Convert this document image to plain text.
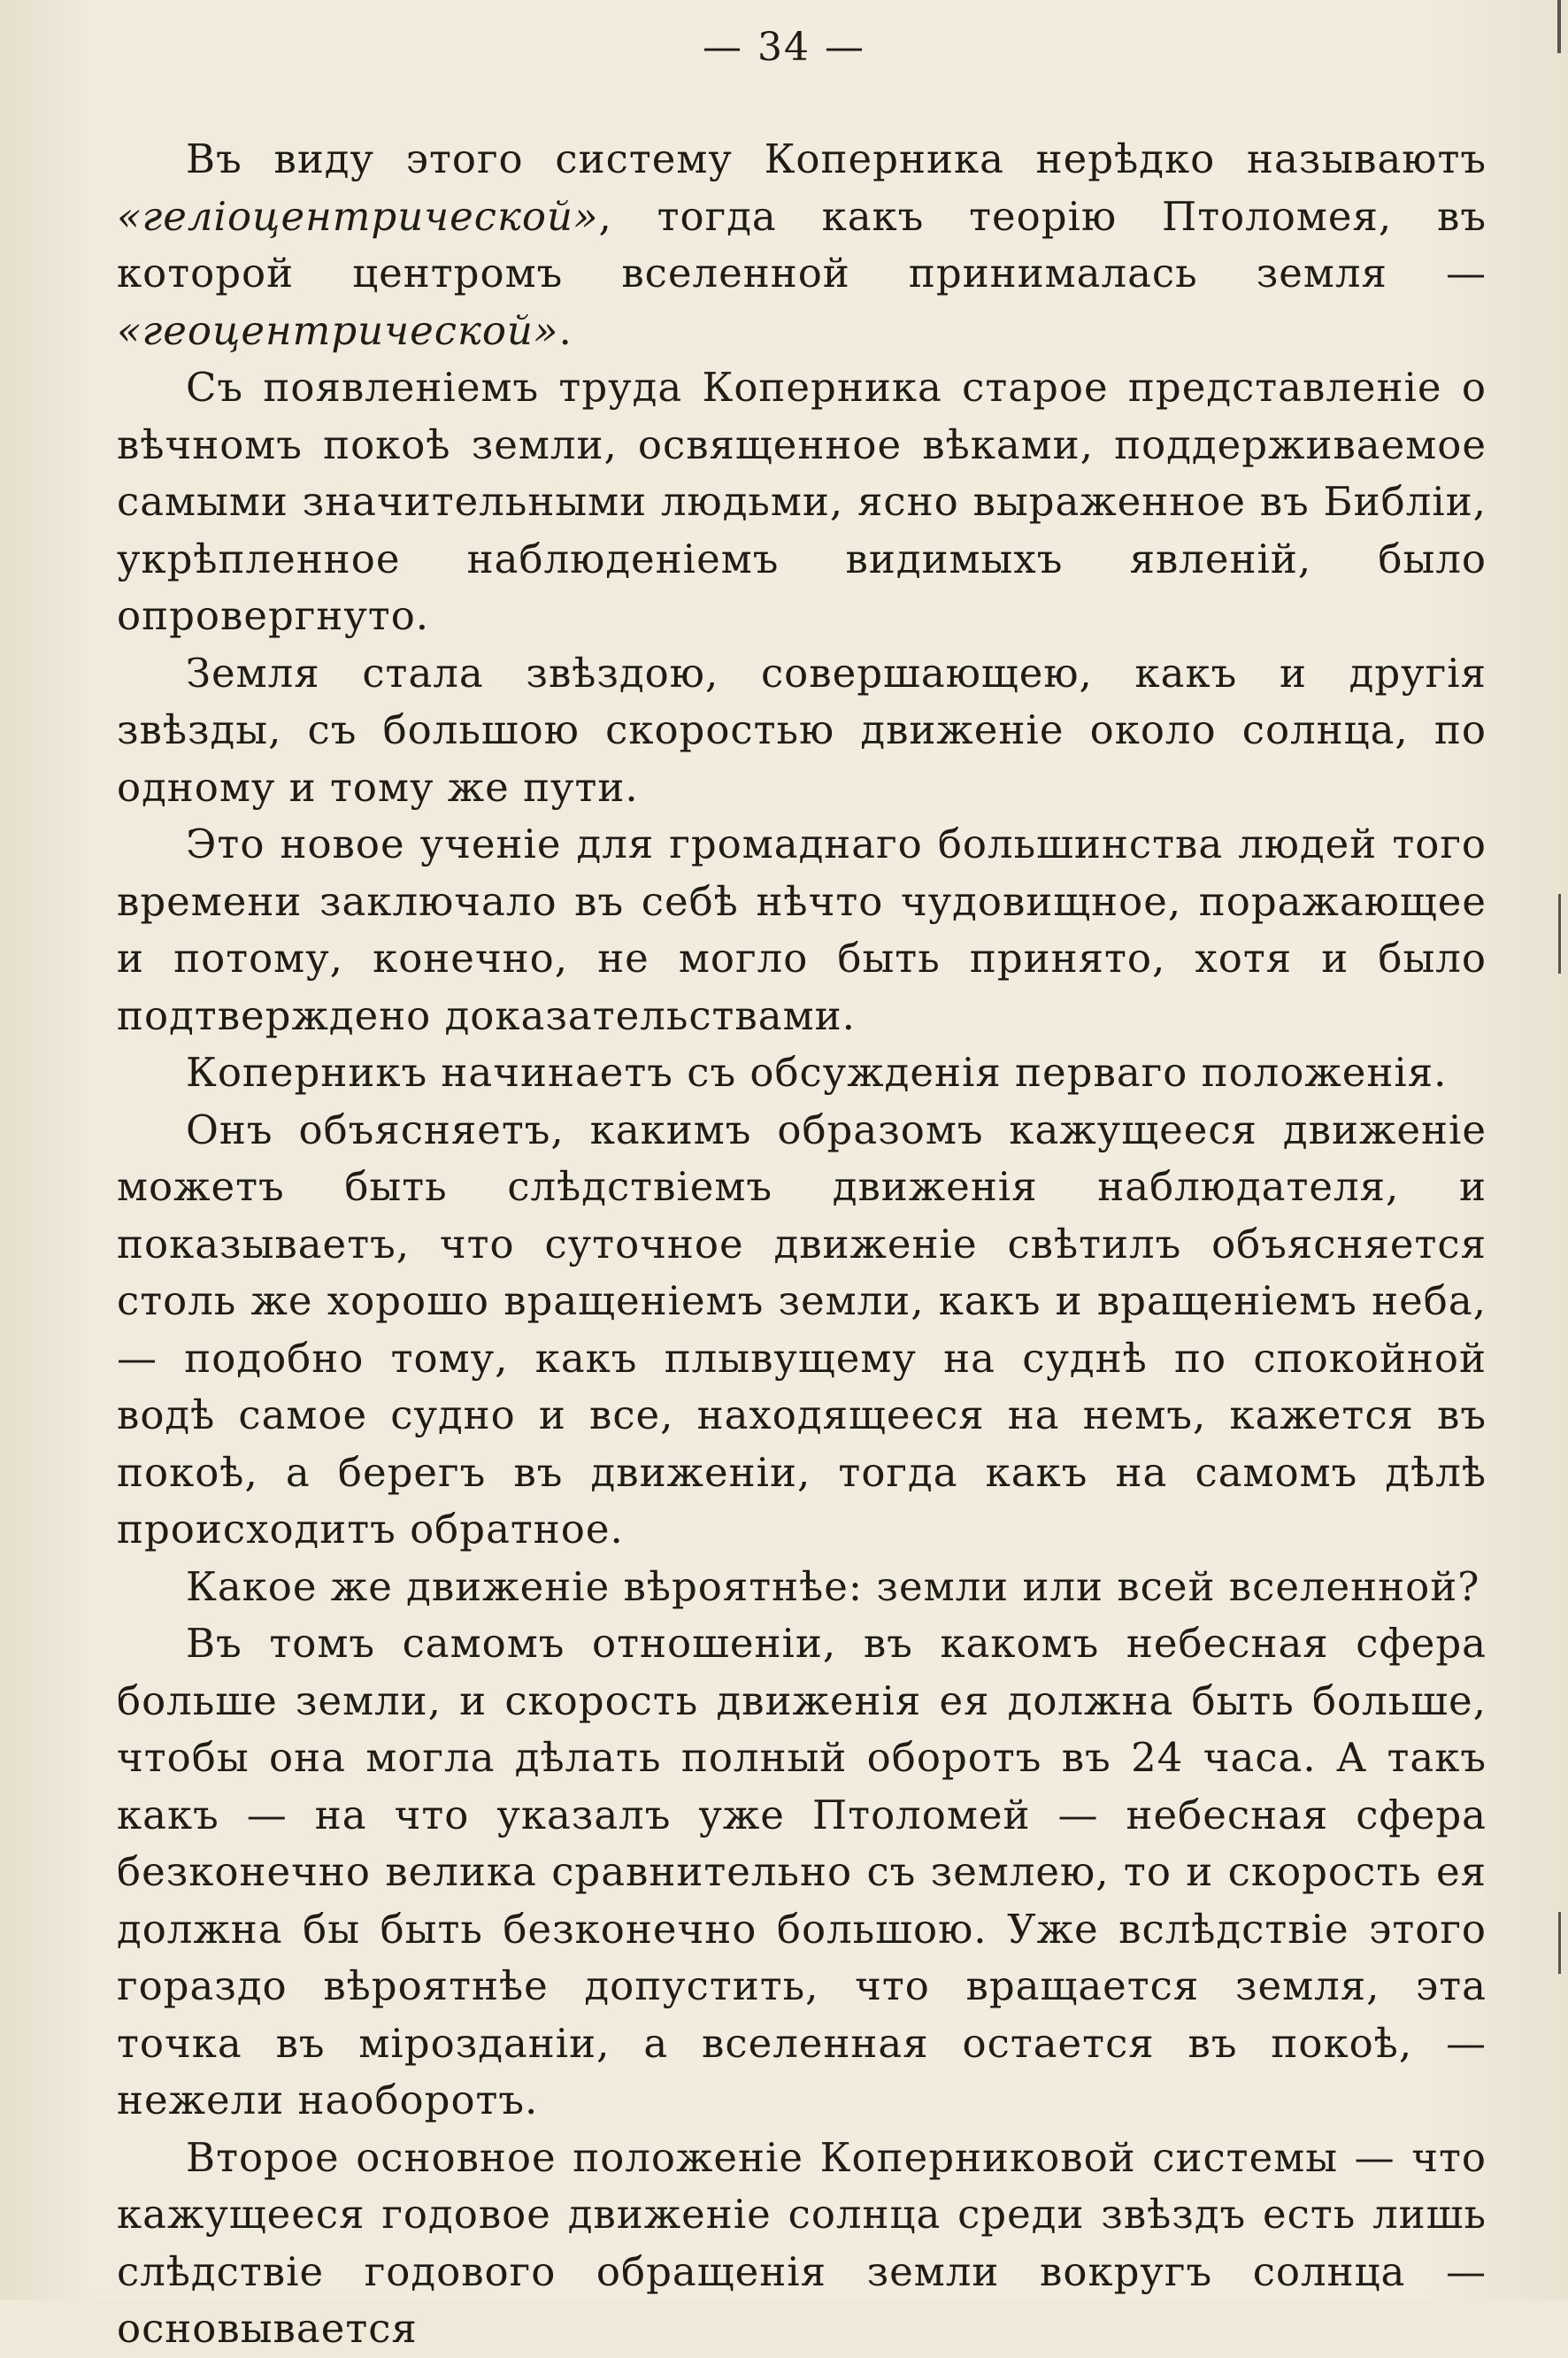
— 34 —

Въ виду этого систему Коперника нерѣдко называютъ «геліоцентрической», тогда какъ теорію Птоломея, въ которой центромъ вселенной принималась земля — «геоцентрической».

Съ появленіемъ труда Коперника старое представленіе о вѣчномъ покоѣ земли, освященное вѣками, поддерживаемое самыми значительными людьми, ясно выраженное въ Библіи, укрѣпленное наблюденіемъ видимыхъ явленій, было опровергнуто.

Земля стала звѣздою, совершающею, какъ и другія звѣзды, съ большою скоростью движеніе около солнца, по одному и тому же пути.

Это новое ученіе для громаднаго большинства людей того времени заключало въ себѣ нѣчто чудовищное, поражающее и потому, конечно, не могло быть принято, хотя и было подтверждено доказательствами.

Коперникъ начинаетъ съ обсужденія перваго положенія.

Онъ объясняетъ, какимъ образомъ кажущееся движеніе можетъ быть слѣдствіемъ движенія наблюдателя, и показываетъ, что суточное движеніе свѣтилъ объясняется столь же хорошо вращеніемъ земли, какъ и вращеніемъ неба, — подобно тому, какъ плывущему на суднѣ по спокойной водѣ самое судно и все, находящееся на немъ, кажется въ покоѣ, а берегъ въ движеніи, тогда какъ на самомъ дѣлѣ происходитъ обратное.

Какое же движеніе вѣроятнѣе: земли или всей вселенной?

Въ томъ самомъ отношеніи, въ какомъ небесная сфера больше земли, и скорость движенія ея должна быть больше, чтобы она могла дѣлать полный оборотъ въ 24 часа. А такъ какъ — на что указалъ уже Птоломей — небесная сфера безконечно велика сравнительно съ землею, то и скорость ея должна бы быть безконечно большою. Уже вслѣдствіе этого гораздо вѣроятнѣе допустить, что вращается земля, эта точка въ мірозданіи, а вселенная остается въ покоѣ, — нежели наоборотъ.

Второе основное положеніе Коперниковой системы — что кажущееся годовое движеніе солнца среди звѣздъ есть лишь слѣдствіе годового обращенія земли вокругъ солнца — основывается
